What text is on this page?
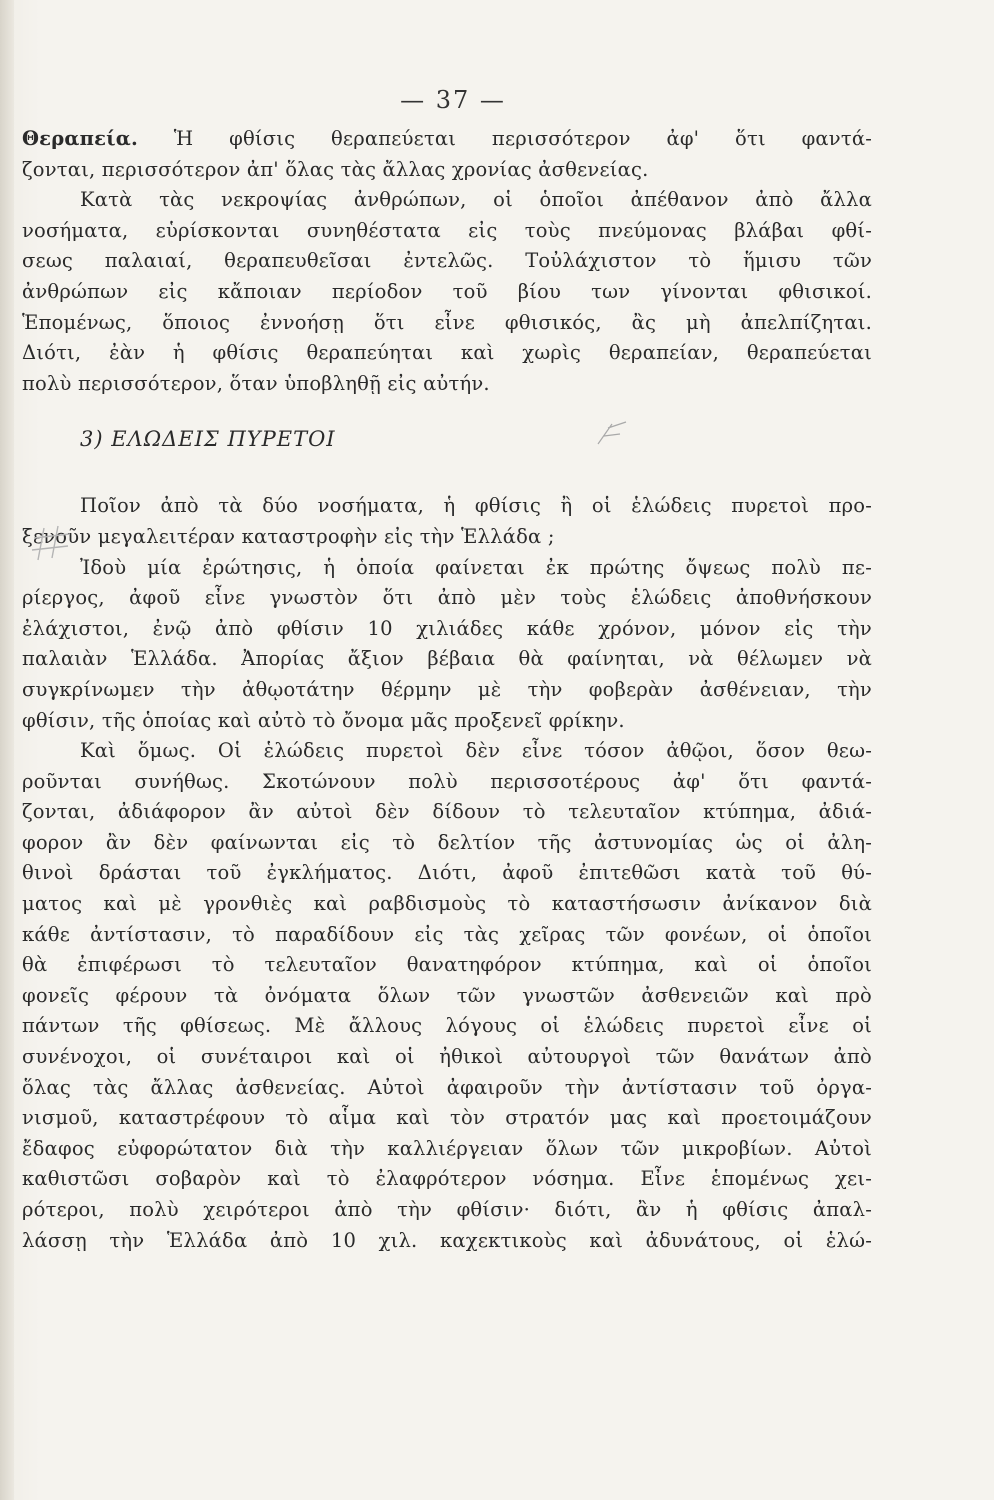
— 37 —
Θεραπεία. Ἡ φθίσις θεραπεύεται περισσότερον ἀφ' ὅτι φαντά-
ζονται, περισσότερον ἀπ' ὅλας τὰς ἄλλας χρονίας ἀσθενείας.
Κατὰ τὰς νεκροψίας ἀνθρώπων, οἱ ὁποῖοι ἀπέθανον ἀπὸ ἄλλα
νοσήματα, εὑρίσκονται συνηθέστατα εἰς τοὺς πνεύμονας βλάβαι φθί-
σεως παλαιαί, θεραπευθεῖσαι ἐντελῶς. Τοὐλάχιστον τὸ ἥμισυ τῶν
ἀνθρώπων εἰς κἄποιαν περίοδον τοῦ βίου των γίνονται φθισικοί.
Ἑπομένως, ὅποιος ἐννοήσῃ ὅτι εἶνε φθισικός, ἂς μὴ ἀπελπίζηται.
Διότι, ἐὰν ἡ φθίσις θεραπεύηται καὶ χωρὶς θεραπείαν, θεραπεύεται
πολὺ περισσότερον, ὅταν ὑποβληθῇ εἰς αὐτήν.
3) ΕΛΩΔΕΙΣ ΠΥΡΕΤΟΙ
Ποῖον ἀπὸ τὰ δύο νοσήματα, ἡ φθίσις ἢ οἱ ἑλώδεις πυρετοὶ προ-
ξενοῦν μεγαλειτέραν καταστροφὴν εἰς τὴν Ἑλλάδα ;
Ἰδοὺ μία ἐρώτησις, ἡ ὁποία φαίνεται ἐκ πρώτης ὄψεως πολὺ πε-
ρίεργος, ἀφοῦ εἶνε γνωστὸν ὅτι ἀπὸ μὲν τοὺς ἑλώδεις ἀποθνήσκουν
ἐλάχιστοι, ἐνῷ ἀπὸ φθίσιν 10 χιλιάδες κάθε χρόνον, μόνον εἰς τὴν
παλαιὰν Ἑλλάδα. Ἀπορίας ἄξιον βέβαια θὰ φαίνηται, νὰ θέλωμεν νὰ
συγκρίνωμεν τὴν ἀθῳοτάτην θέρμην μὲ τὴν φοβερὰν ἀσθένειαν, τὴν
φθίσιν, τῆς ὁποίας καὶ αὐτὸ τὸ ὄνομα μᾶς προξενεῖ φρίκην.
Καὶ ὅμως. Οἱ ἑλώδεις πυρετοὶ δὲν εἶνε τόσον ἀθῷοι, ὅσον θεω-
ροῦνται συνήθως. Σκοτώνουν πολὺ περισσοτέρους ἀφ' ὅτι φαντά-
ζονται, ἀδιάφορον ἂν αὐτοὶ δὲν δίδουν τὸ τελευταῖον κτύπημα, ἀδιά-
φορον ἂν δὲν φαίνωνται εἰς τὸ δελτίον τῆς ἀστυνομίας ὡς οἱ ἀλη-
θινοὶ δράσται τοῦ ἐγκλήματος. Διότι, ἀφοῦ ἐπιτεθῶσι κατὰ τοῦ θύ-
ματος καὶ μὲ γρονθιὲς καὶ ραβδισμοὺς τὸ καταστήσωσιν ἀνίκανον διὰ
κάθε ἀντίστασιν, τὸ παραδίδουν εἰς τὰς χεῖρας τῶν φονέων, οἱ ὁποῖοι
θὰ ἐπιφέρωσι τὸ τελευταῖον θανατηφόρον κτύπημα, καὶ οἱ ὁποῖοι
φονεῖς φέρουν τὰ ὀνόματα ὅλων τῶν γνωστῶν ἀσθενειῶν καὶ πρὸ
πάντων τῆς φθίσεως. Μὲ ἄλλους λόγους οἱ ἑλώδεις πυρετοὶ εἶνε οἱ
συνένοχοι, οἱ συνέταιροι καὶ οἱ ἠθικοὶ αὐτουργοὶ τῶν θανάτων ἀπὸ
ὅλας τὰς ἄλλας ἀσθενείας. Αὐτοὶ ἀφαιροῦν τὴν ἀντίστασιν τοῦ ὀργα-
νισμοῦ, καταστρέφουν τὸ αἷμα καὶ τὸν στρατόν μας καὶ προετοιμάζουν
ἔδαφος εὐφορώτατον διὰ τὴν καλλιέργειαν ὅλων τῶν μικροβίων. Αὐτοὶ
καθιστῶσι σοβαρὸν καὶ τὸ ἐλαφρότερον νόσημα. Εἶνε ἑπομένως χει-
ρότεροι, πολὺ χειρότεροι ἀπὸ τὴν φθίσιν· διότι, ἂν ἡ φθίσις ἀπαλ-
λάσσῃ τὴν Ἑλλάδα ἀπὸ 10 χιλ. καχεκτικοὺς καὶ ἀδυνάτους, οἱ ἑλώ-
